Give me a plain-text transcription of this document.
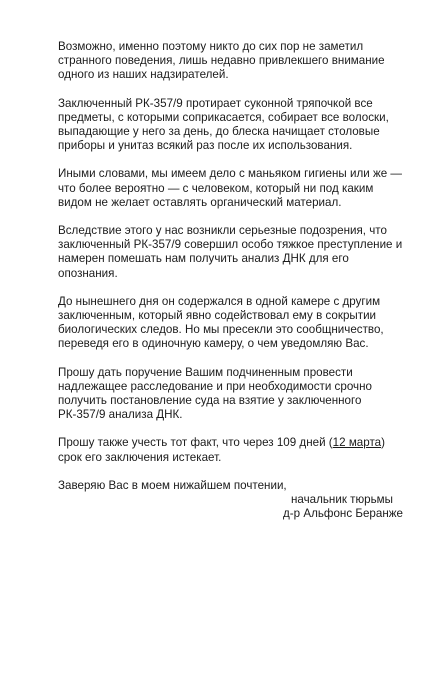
Возможно, именно поэтому никто до сих пор не заметил странного поведения, лишь недавно привлекшего внимание одного из наших надзирателей.

Заключенный РК-357/9 протирает суконной тряпочкой все предметы, с которыми соприкасается, собирает все волоски, выпадающие у него за день, до блеска начищает столовые приборы и унитаз всякий раз после их использования.

Иными словами, мы имеем дело с маньяком гигиены или же — что более вероятно — с человеком, который ни под каким видом не желает оставлять органический материал.

Вследствие этого у нас возникли серьезные подозрения, что заключенный РК-357/9 совершил особо тяжкое преступление и намерен помешать нам получить анализ ДНК для его опознания.

До нынешнего дня он содержался в одной камере с другим заключенным, который явно содействовал ему в сокрытии биологических следов. Но мы пресекли это сообщничество, переведя его в одиночную камеру, о чем уведомляю Вас.

Прошу дать поручение Вашим подчиненным провести надлежащее расследование и при необходимости срочно получить постановление суда на взятие у заключенного РК-357/9 анализа ДНК.

Прошу также учесть тот факт, что через 109 дней (12 марта) срок его заключения истекает.

Заверяю Вас в моем нижайшем почтении,

начальник тюрьмы
д-р Альфонс Беранже
